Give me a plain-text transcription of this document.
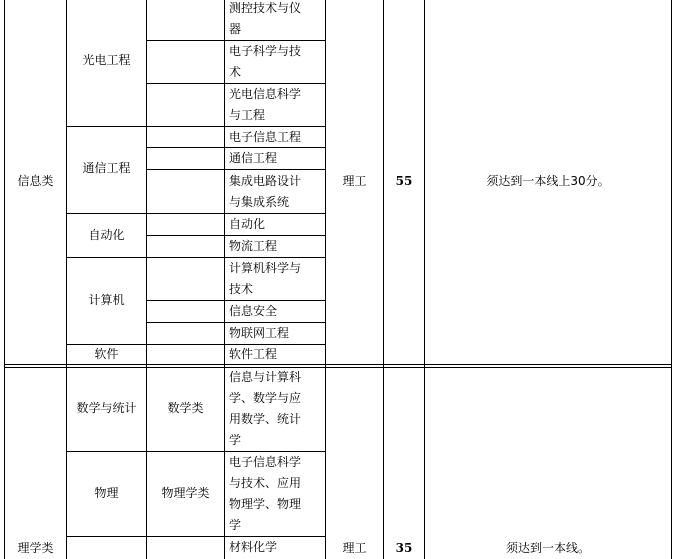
信息类
理学类
光电工程
通信工程
自动化
计算机
软件
数学与统计	数学类
物理	物理学类
测控技术与仪
器
电子科学与技
术
光电信息科学
与工程
电子信息工程
通信工程
集成电路设计
与集成系统
自动化
物流工程
计算机科学与
技术
信息安全
物联网工程
软件工程
信息与计算科
学、数学与应
用数学、统计
学
电子信息科学
与技术、应用
物理学、物理
学
材料化学
理工
理工
55
35
须达到一本线上30分。
须达到一本线。
